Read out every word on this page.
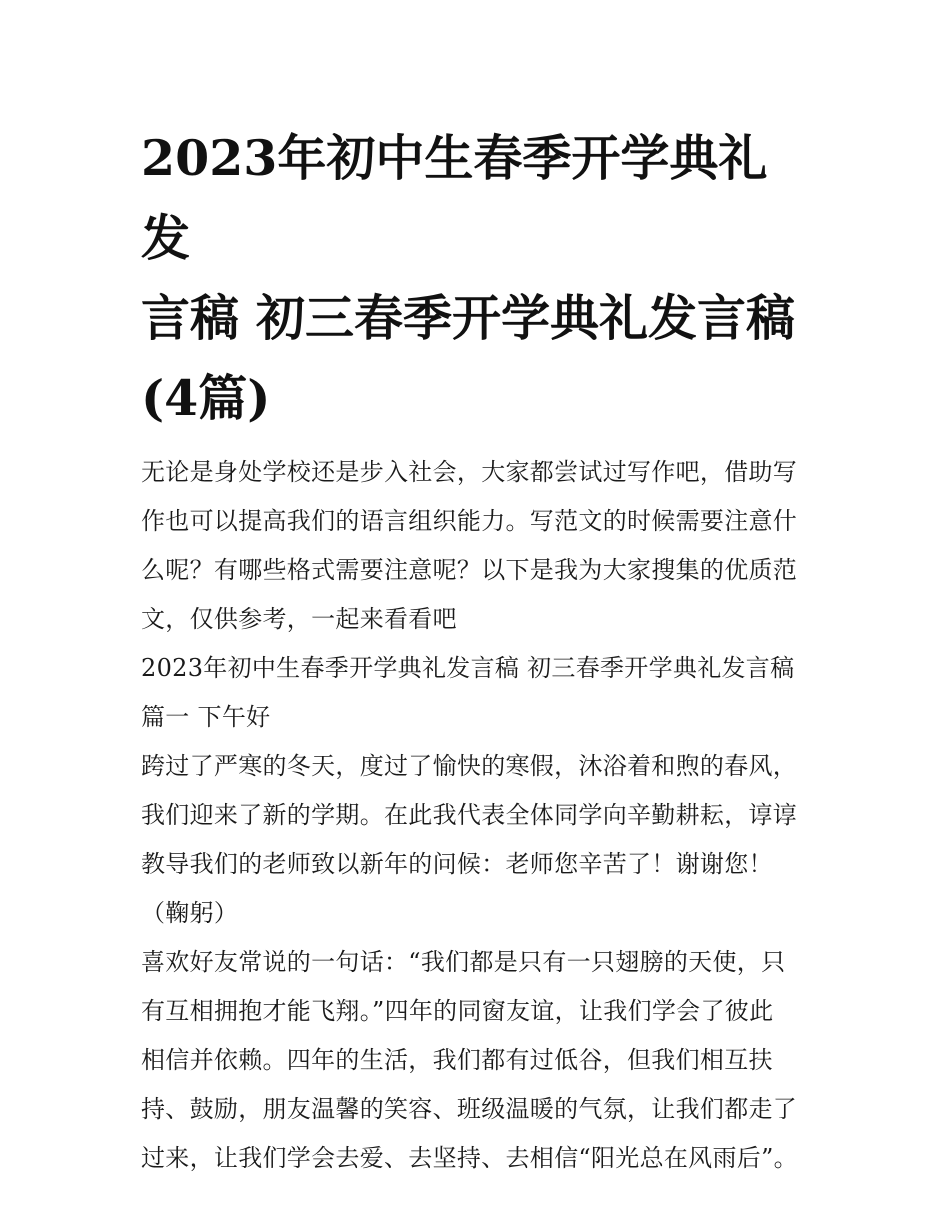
2023年初中生春季开学典礼发
言稿 初三春季开学典礼发言稿
(4篇)

无论是身处学校还是步入社会，大家都尝试过写作吧，借助写

作也可以提高我们的语言组织能力。写范文的时候需要注意什

么呢？有哪些格式需要注意呢？以下是我为大家搜集的优质范

文，仅供参考，一起来看看吧

2023年初中生春季开学典礼发言稿 初三春季开学典礼发言稿

篇一 下午好

跨过了严寒的冬天，度过了愉快的寒假，沐浴着和煦的春风，

我们迎来了新的学期。在此我代表全体同学向辛勤耕耘，谆谆

教导我们的老师致以新年的问候：老师您辛苦了！谢谢您！

（鞠躬）

喜欢好友常说的一句话：“我们都是只有一只翅膀的天使，只

有互相拥抱才能飞翔。”四年的同窗友谊，让我们学会了彼此

相信并依赖。四年的生活，我们都有过低谷，但我们相互扶

持、鼓励，朋友温馨的笑容、班级温暖的气氛，让我们都走了

过来，让我们学会去爱、去坚持、去相信“阳光总在风雨后”。
